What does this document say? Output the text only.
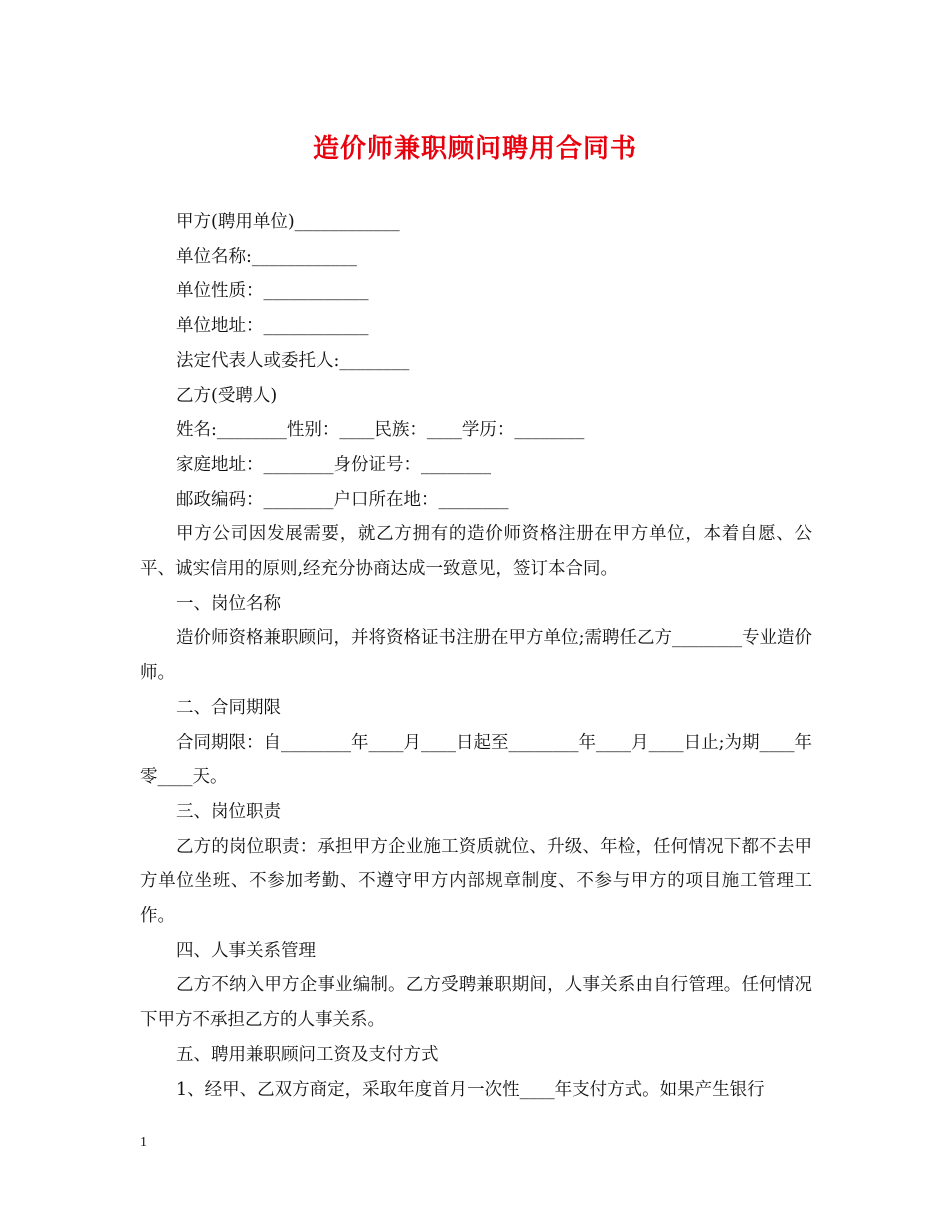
造价师兼职顾问聘用合同书
甲方(聘用单位)____________
单位名称:____________
单位性质：____________
单位地址：____________
法定代表人或委托人:________
乙方(受聘人)
姓名:________性别：____民族：____学历：________
家庭地址：________身份证号：________
邮政编码：________户口所在地：________

甲方公司因发展需要，就乙方拥有的造价师资格注册在甲方单位，本着自愿、公平、诚实信用的原则,经充分协商达成一致意见，签订本合同。

一、岗位名称

造价师资格兼职顾问，并将资格证书注册在甲方单位;需聘任乙方________专业造价师。

二、合同期限

合同期限：自________年____月____日起至________年____月____日止;为期____年零____天。

三、岗位职责

乙方的岗位职责：承担甲方企业施工资质就位、升级、年检，任何情况下都不去甲方单位坐班、不参加考勤、不遵守甲方内部规章制度、不参与甲方的项目施工管理工作。

四、人事关系管理

乙方不纳入甲方企事业编制。乙方受聘兼职期间，人事关系由自行管理。任何情况下甲方不承担乙方的人事关系。

五、聘用兼职顾问工资及支付方式

1、经甲、乙双方商定，采取年度首月一次性____年支付方式。如果产生银行

1
